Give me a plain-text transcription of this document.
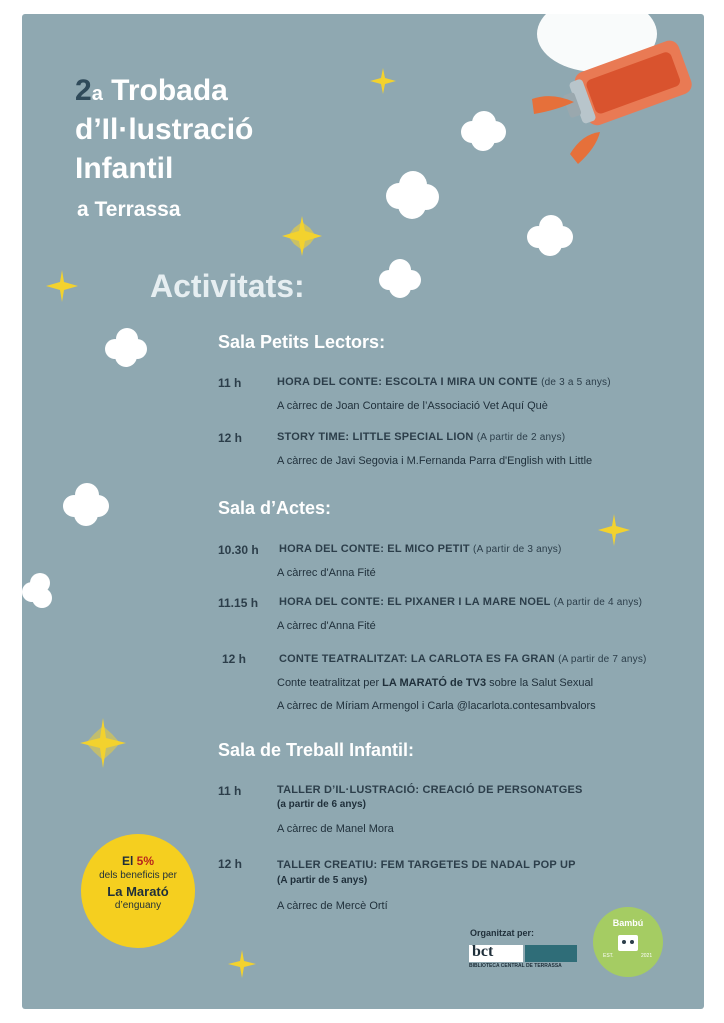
2a Trobada
d’Il·lustració
Infantil
a Terrassa
Activitats:
Sala Petits Lectors:
11 h	HORA DEL CONTE: ESCOLTA I MIRA UN CONTE (de 3 a 5 anys)
A càrrec de Joan Contaire de l’Associació Vet Aquí Què
12 h	STORY TIME: LITTLE SPECIAL LION (A partir de 2 anys)
A càrrec de Javi Segovia i M.Fernanda Parra d'English with Little
Sala d’Actes:
10.30 h HORA DEL CONTE: EL MICO PETIT (A partir de 3 anys)
A càrrec d'Anna Fité
11.15 h HORA DEL CONTE: EL PIXANER I LA MARE NOEL (A partir de 4 anys)
A càrrec d'Anna Fité
12 h	CONTE TEATRALITZAT: LA CARLOTA ES FA GRAN (A partir de 7 anys)
Conte teatralitzat per LA MARATÓ de TV3 sobre la Salut Sexual
A càrrec de Míriam Armengol i Carla @lacarlota.contesambvalors
Sala de Treball Infantil:
11 h	TALLER D’IL·LUSTRACIÓ: CREACIÓ DE PERSONATGES
(a partir de 6 anys)
A càrrec de Manel Mora
12 h	TALLER CREATIU: FEM TARGETES DE NADAL POP UP
(A partir de 5 anys)
A càrrec de Mercè Ortí
El 5%
dels beneficis per
La Marató
d’enguany
Organitzat per:
bct
BIBLIOTECA CENTRAL DE TERRASSA
Bambú
EST.	2021
